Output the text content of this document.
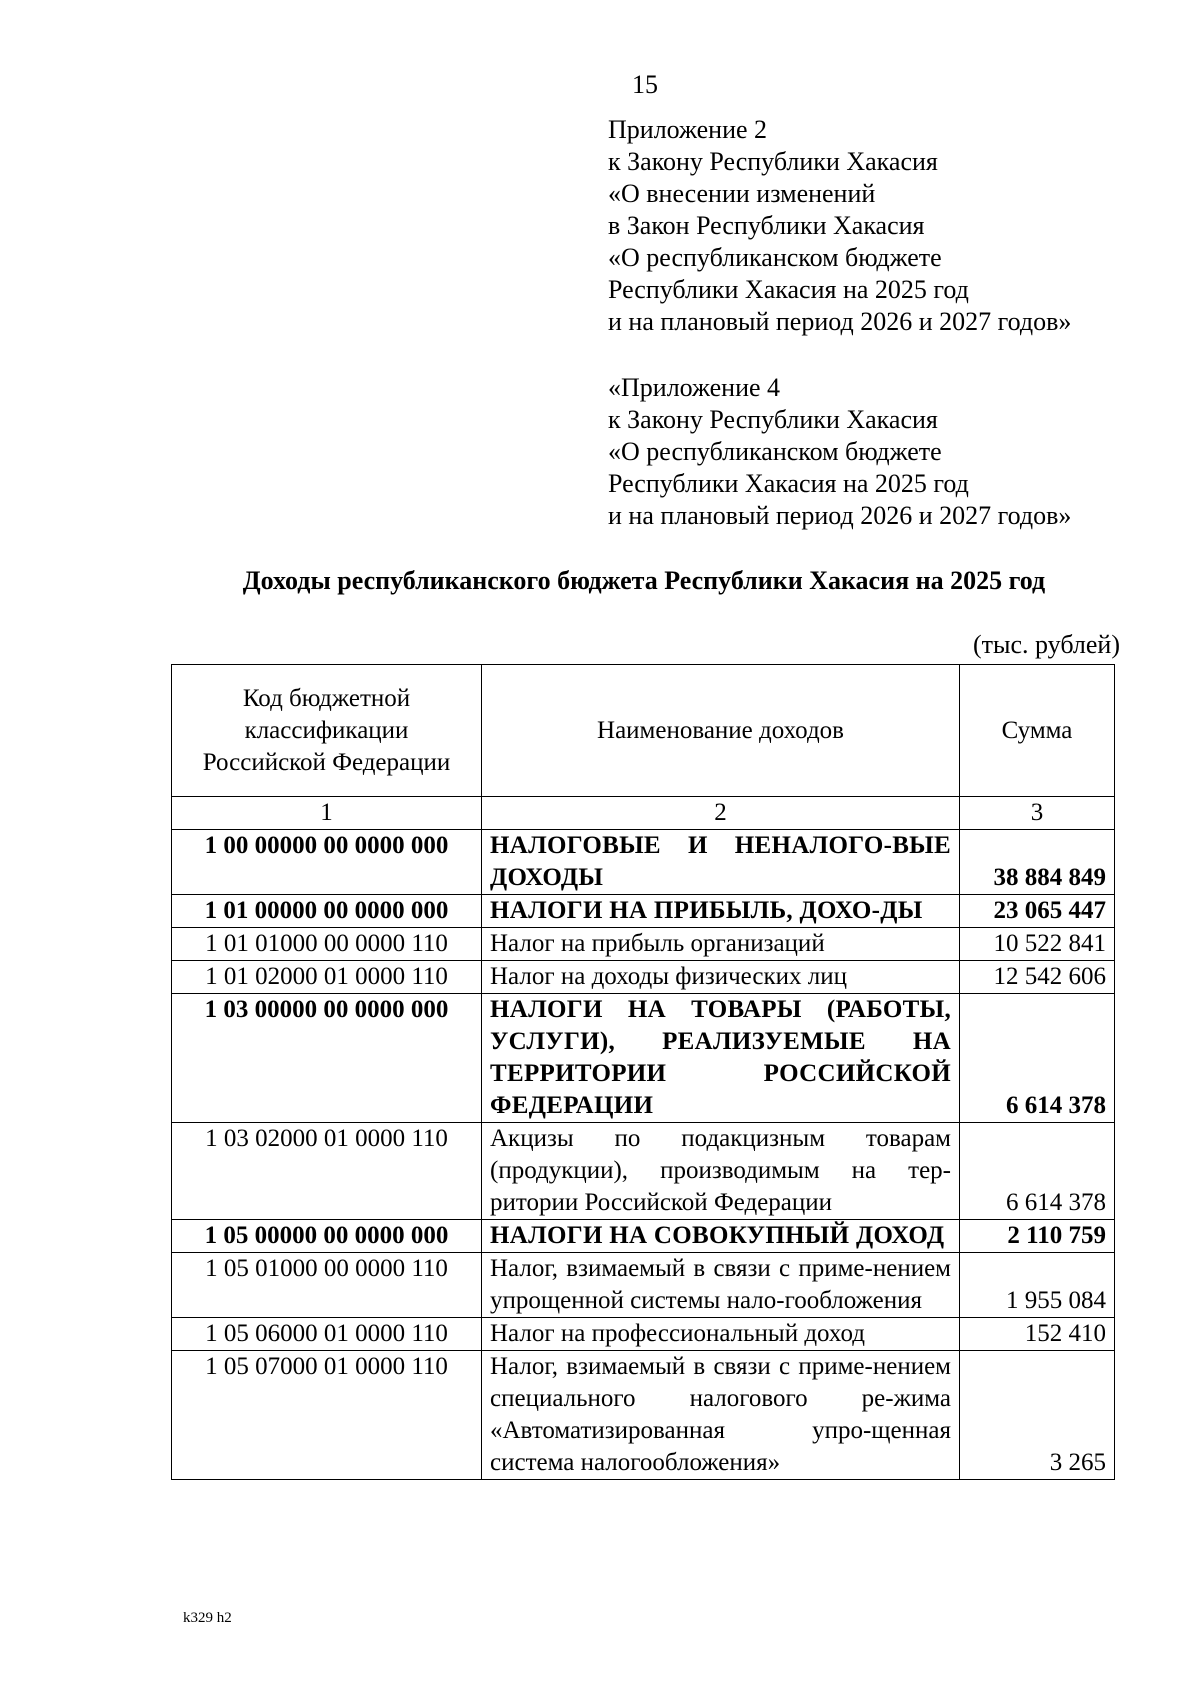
15
Приложение 2
к Закону Республики Хакасия
«О внесении изменений
в Закон Республики Хакасия
«О республиканском бюджете
Республики Хакасия на 2025 год
и на плановый период 2026 и 2027 годов»
«Приложение 4
к Закону Республики Хакасия
«О республиканском бюджете
Республики Хакасия на 2025 год
и на плановый период 2026 и 2027 годов»
Доходы республиканского бюджета Республики Хакасия на 2025 год
(тыс. рублей)
Код бюджетной классификации Российской Федерации	Наименование доходов	Сумма
1	2	3
1 00 00000 00 0000 000	НАЛОГОВЫЕ И НЕНАЛОГО-ВЫЕ ДОХОДЫ	38 884 849
1 01 00000 00 0000 000	НАЛОГИ НА ПРИБЫЛЬ, ДОХО-ДЫ	23 065 447
1 01 01000 00 0000 110	Налог на прибыль организаций	10 522 841
1 01 02000 01 0000 110	Налог на доходы физических лиц	12 542 606
1 03 00000 00 0000 000	НАЛОГИ НА ТОВАРЫ (РАБОТЫ, УСЛУГИ), РЕАЛИЗУЕМЫЕ НА ТЕРРИТОРИИ РОССИЙСКОЙ ФЕДЕРАЦИИ	6 614 378
1 03 02000 01 0000 110	Акцизы по подакцизным товарам (продукции), производимым на тер-ритории Российской Федерации	6 614 378
1 05 00000 00 0000 000	НАЛОГИ НА СОВОКУПНЫЙ ДОХОД	2 110 759
1 05 01000 00 0000 110	Налог, взимаемый в связи с приме-нением упрощенной системы нало-гообложения	1 955 084
1 05 06000 01 0000 110	Налог на профессиональный доход	152 410
1 05 07000 01 0000 110	Налог, взимаемый в связи с приме-нением специального налогового ре-жима «Автоматизированная упро-щенная система налогообложения»	3 265
k329 h2
